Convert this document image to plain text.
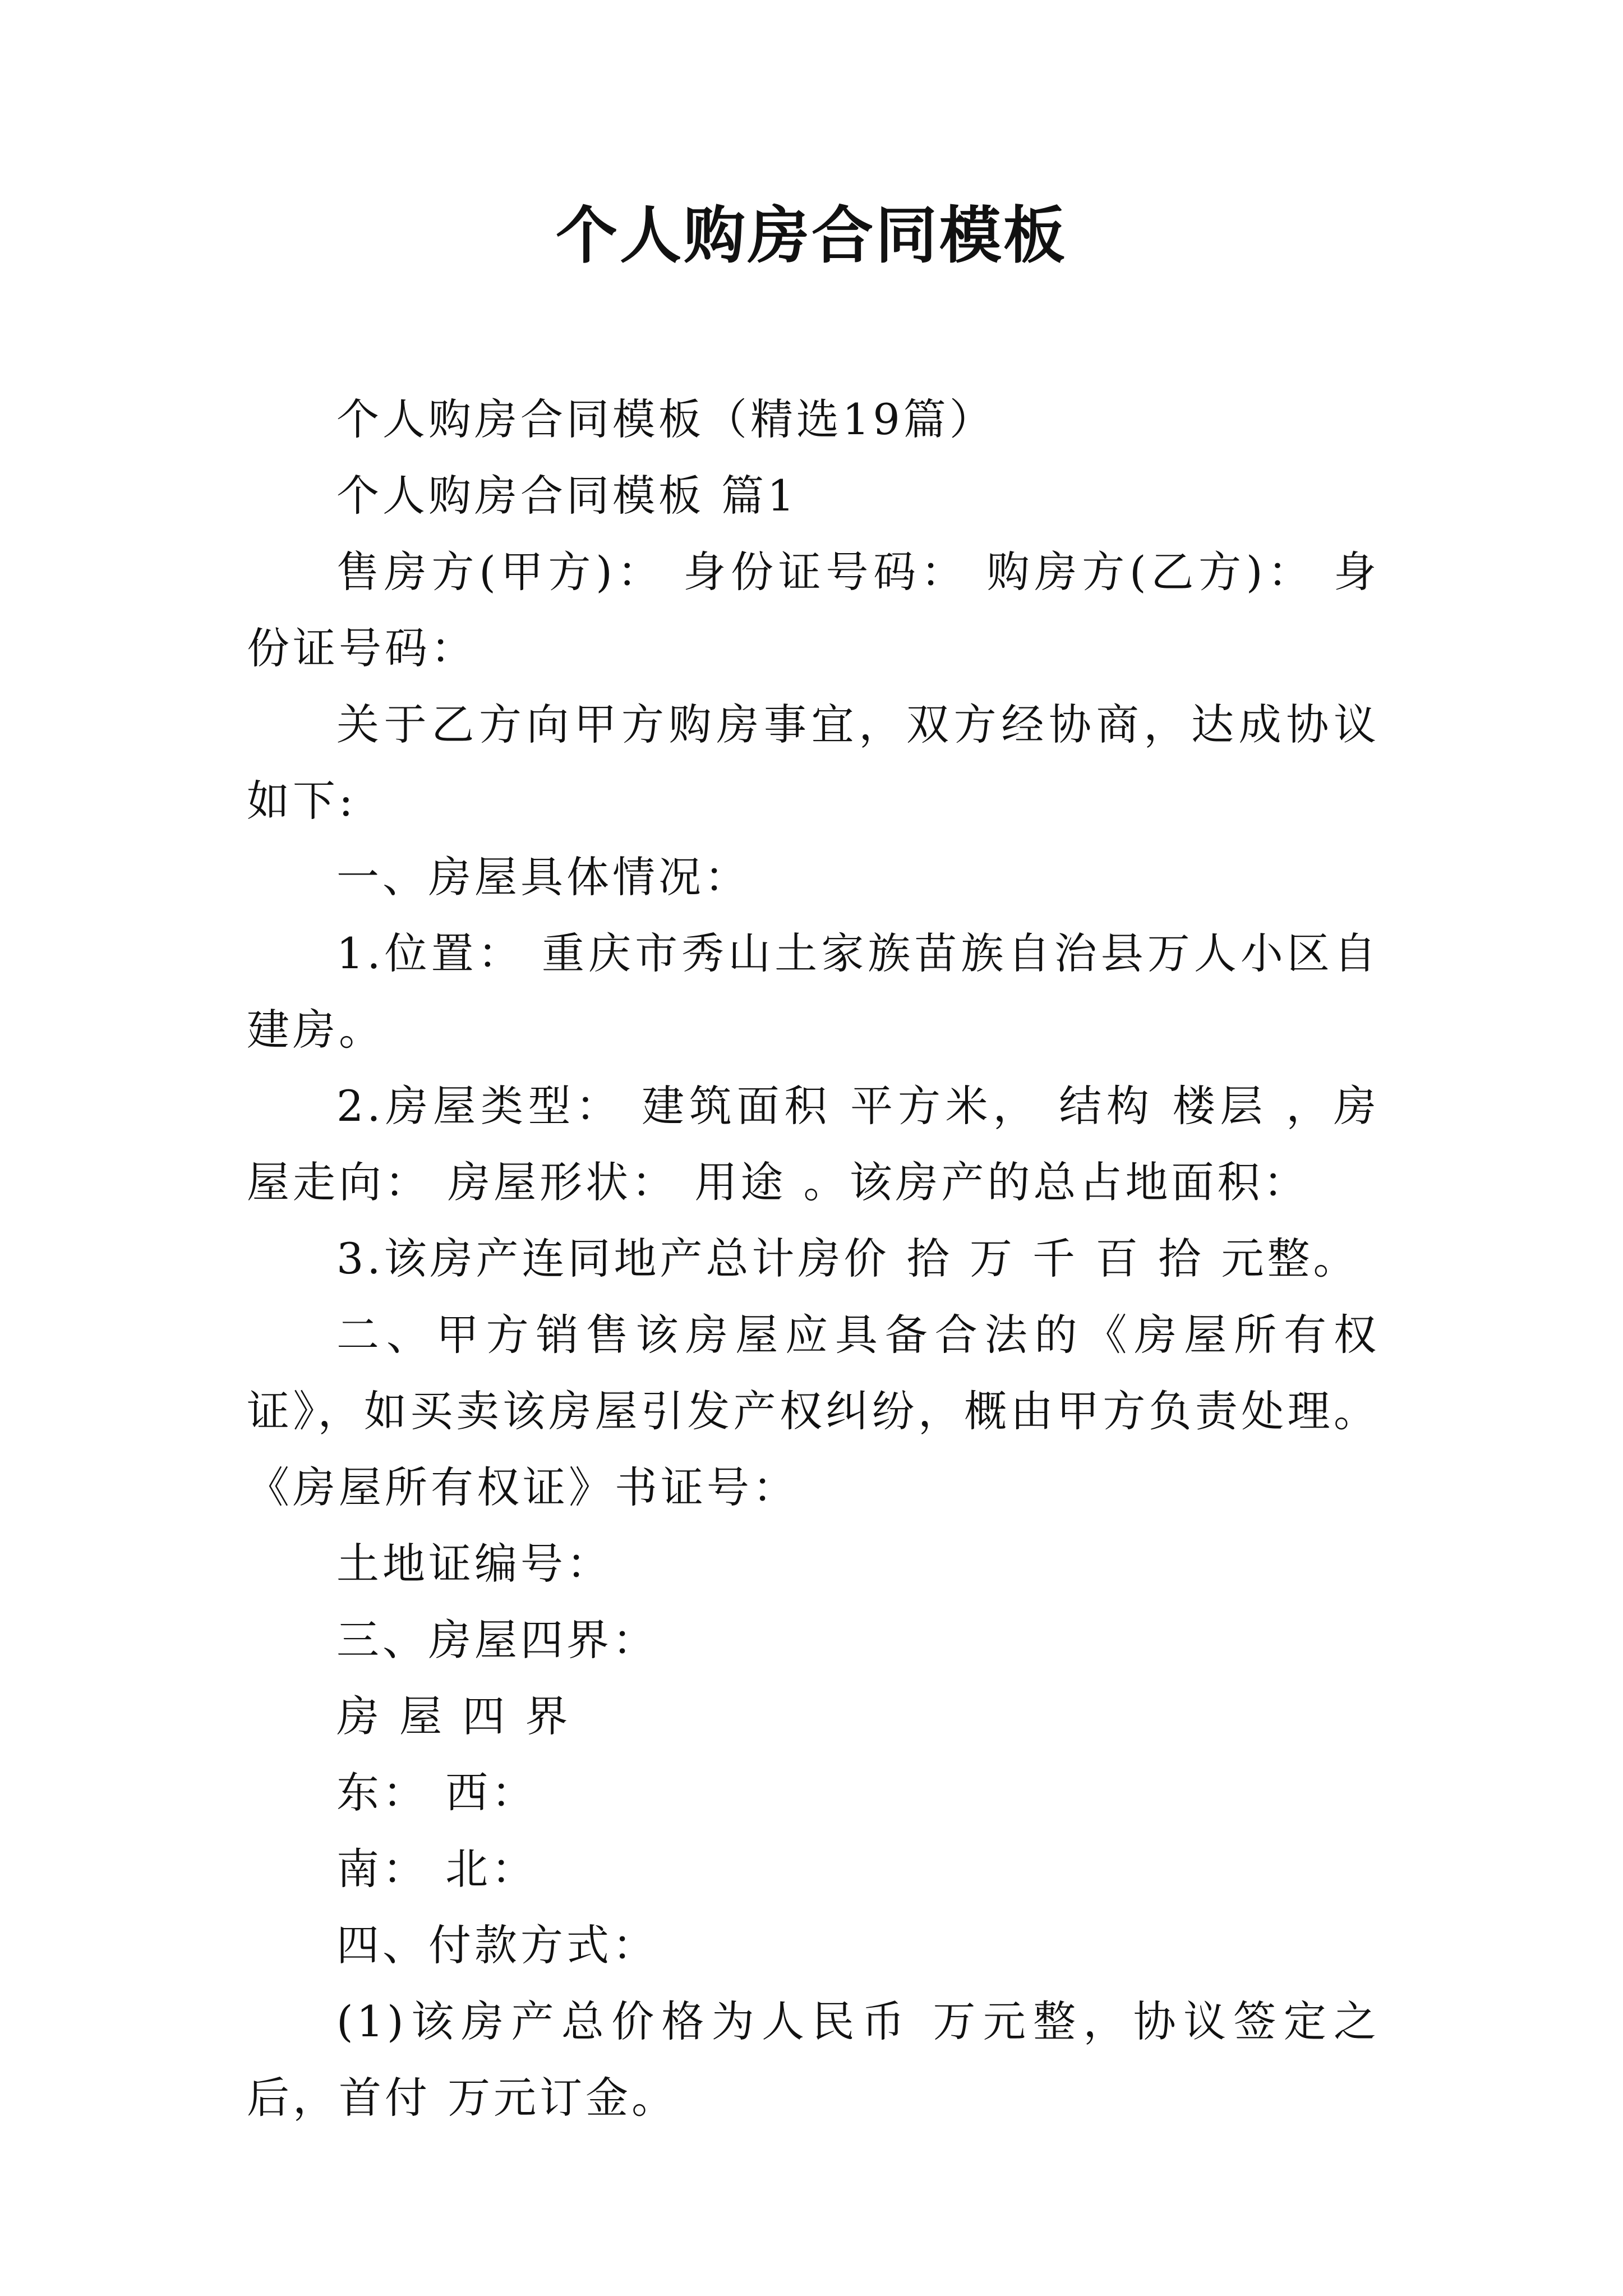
个人购房合同模板

个人购房合同模板（精选19篇）

个人购房合同模板 篇1

售房方(甲方)： 身份证号码： 购房方(乙方)： 身份证号码：

关于乙方向甲方购房事宜，双方经协商，达成协议如下:

一、房屋具体情况：

1.位置： 重庆市秀山土家族苗族自治县万人小区自建房。

2.房屋类型： 建筑面积 平方米， 结构 楼层 ，房屋走向： 房屋形状： 用途 。该房产的总占地面积：

3.该房产连同地产总计房价 拾 万 千 百 拾 元整。

二、甲方销售该房屋应具备合法的《房屋所有权证》，如买卖该房屋引发产权纠纷，概由甲方负责处理。 《房屋所有权证》书证号：

土地证编号：

三、房屋四界：

房 屋 四 界

东： 西：

南： 北：

四、付款方式：

(1)该房产总价格为人民币 万元整，协议签定之后，首付 万元订金。
